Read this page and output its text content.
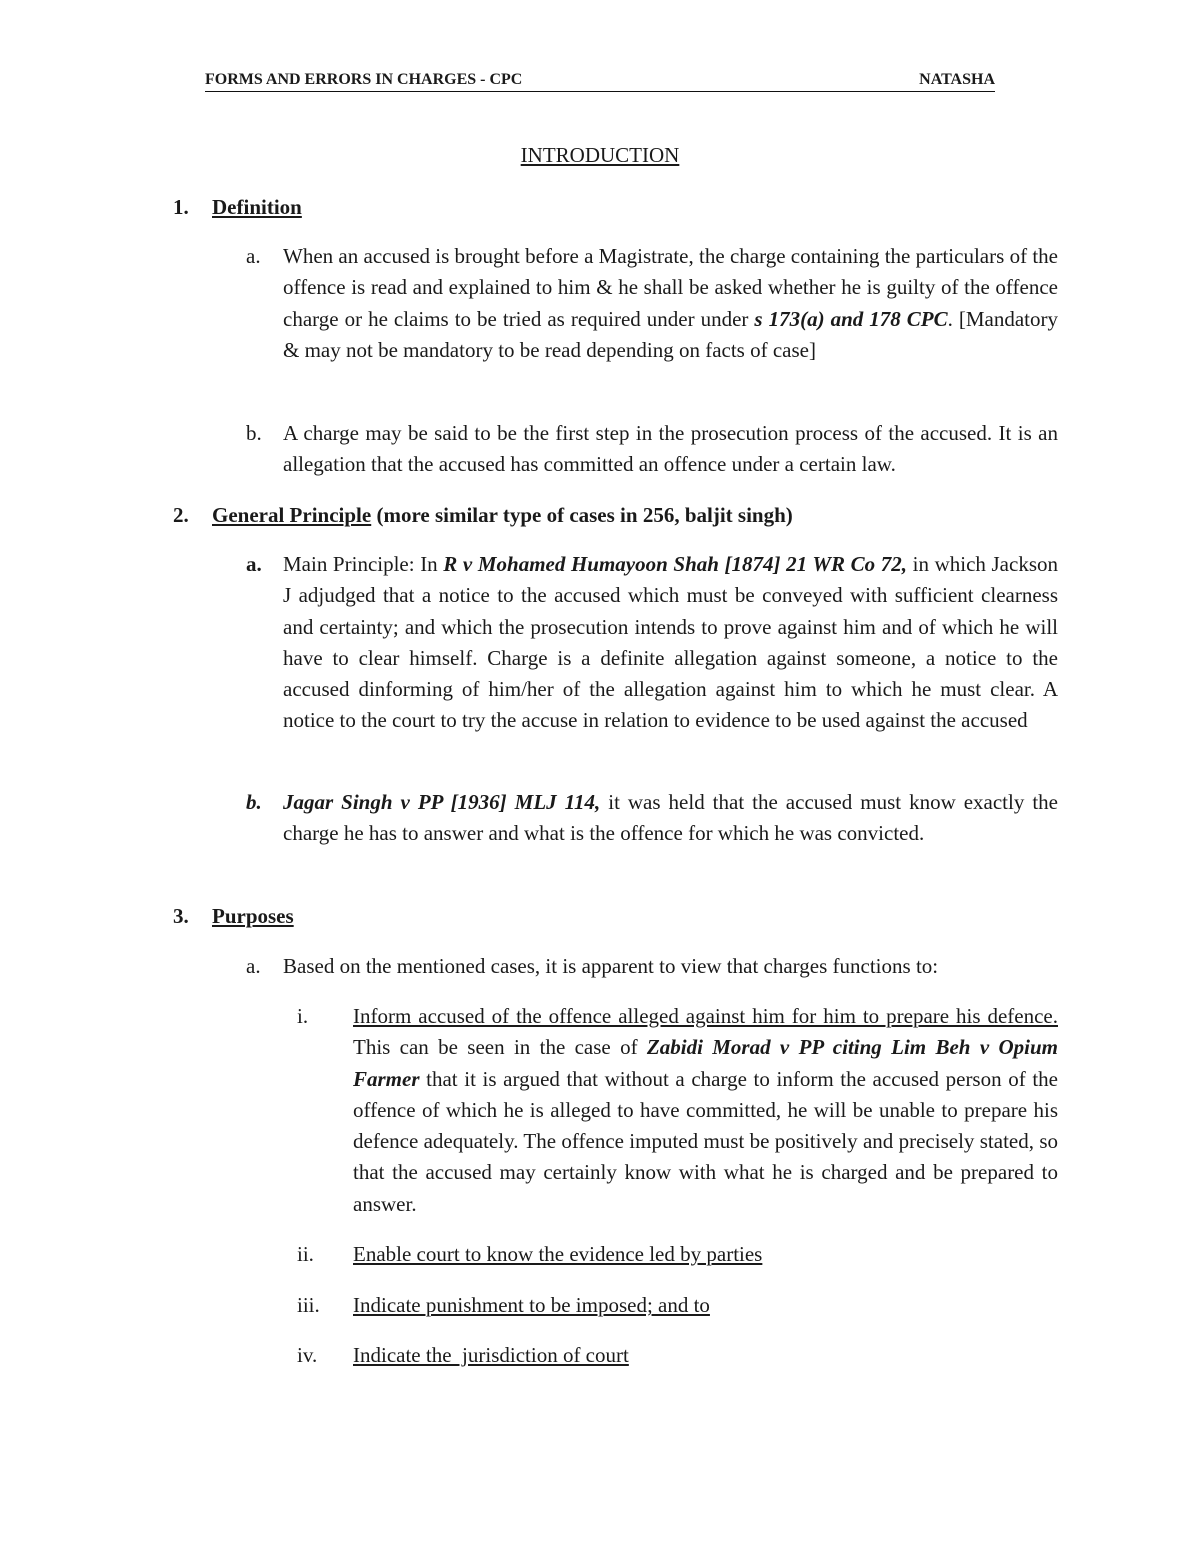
FORMS AND ERRORS IN CHARGES - CPC	NATASHA
INTRODUCTION
1. Definition
a. When an accused is brought before a Magistrate, the charge containing the particulars of the offence is read and explained to him & he shall be asked whether he is guilty of the offence charge or he claims to be tried as required under under s 173(a) and 178 CPC. [Mandatory & may not be mandatory to be read depending on facts of case]
b. A charge may be said to be the first step in the prosecution process of the accused. It is an allegation that the accused has committed an offence under a certain law.
2. General Principle (more similar type of cases in 256, baljit singh)
a. Main Principle: In R v Mohamed Humayoon Shah [1874] 21 WR Co 72, in which Jackson J adjudged that a notice to the accused which must be conveyed with sufficient clearness and certainty; and which the prosecution intends to prove against him and of which he will have to clear himself. Charge is a definite allegation against someone, a notice to the accused dinforming of him/her of the allegation against him to which he must clear. A notice to the court to try the accuse in relation to evidence to be used against the accused
b. Jagar Singh v PP [1936] MLJ 114, it was held that the accused must know exactly the charge he has to answer and what is the offence for which he was convicted.
3. Purposes
a. Based on the mentioned cases, it is apparent to view that charges functions to:
i.	Inform accused of the offence alleged against him for him to prepare his defence. This can be seen in the case of Zabidi Morad v PP citing Lim Beh v Opium Farmer that it is argued that without a charge to inform the accused person of the offence of which he is alleged to have committed, he will be unable to prepare his defence adequately. The offence imputed must be positively and precisely stated, so that the accused may certainly know with what he is charged and be prepared to answer.
ii.	Enable court to know the evidence led by parties
iii.	Indicate punishment to be imposed; and to
iv.	Indicate the  jurisdiction of court
